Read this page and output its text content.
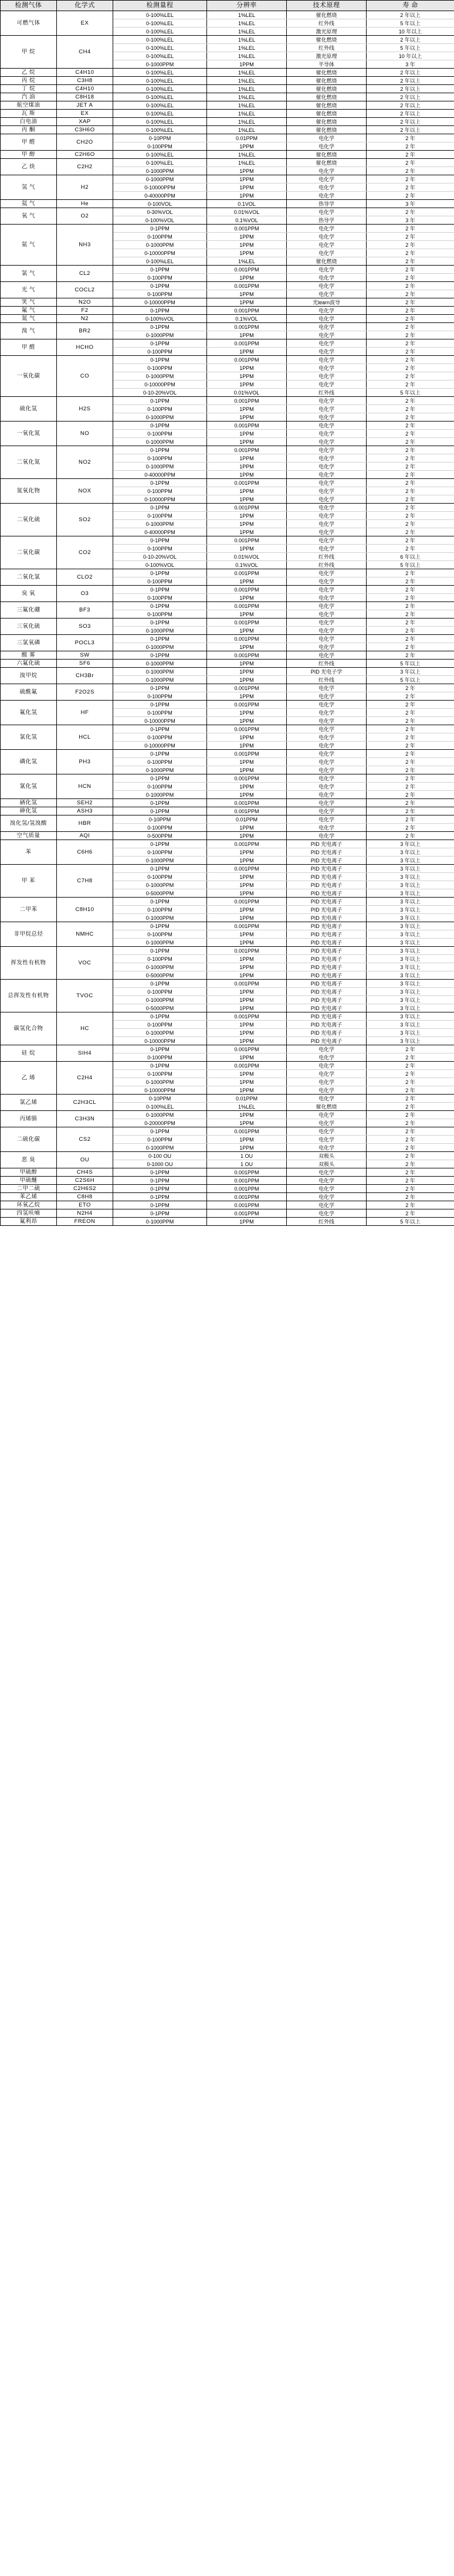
检测气体	化学式	检测量程	分辨率	技术原理	寿 命
可燃气体	EX	0-100%LEL	1%LEL	催化燃烧	2 年以上
		0-100%LEL	1%LEL	红外线	5 年以上
		0-100%LEL	1%LEL	激光原理	10 年以上
甲 烷	CH4	0-100%LEL	1%LEL	催化燃烧	2 年以上
		0-100%LEL	1%LEL	红外线	5 年以上
		0-100%LEL	1%LEL	激光原理	10 年以上
		0-1000PPM	1PPM	半导体	3 年
乙 烷	C4H10	0-100%LEL	1%LEL	催化燃烧	2 年以上
丙 烷	C3H8	0-100%LEL	1%LEL	催化燃烧	2 年以上
丁 烷	C4H10	0-100%LEL	1%LEL	催化燃烧	2 年以上
汽 油	C8H18	0-100%LEL	1%LEL	催化燃烧	2 年以上
航空煤油	JET A	0-100%LEL	1%LEL	催化燃烧	2 年以上
瓦 斯	EX	0-100%LEL	1%LEL	催化燃烧	2 年以上
白电油	XAP	0-100%LEL	1%LEL	催化燃烧	2 年以上
丙 酮	C3H6O	0-100%LEL	1%LEL	催化燃烧	2 年以上
甲 醛	CH2O	0-10PPM	0.01PPM	电化学	2 年
		0-100PPM	1PPM	电化学	2 年
甲 醇	C2H6O	0-100%LEL	1%LEL	催化燃烧	2 年
乙 炔	C2H2	0-100%LEL	1%LEL	催化燃烧	2 年
		0-1000PPM	1PPM	电化学	2 年
氢 气	H2	0-1000PPM	1PPM	电化学	2 年
		0-10000PPM	1PPM	电化学	2 年
		0-40000PPM	1PPM	电化学	2 年
氦 气	He	0-100VOL	0.1VOL	热导学	3 年
氧 气	O2	0-30%VOL	0.01%VOL	电化学	2 年
		0-100%VOL	0.1%VOL	热导学	3 年
氨 气	NH3	0-1PPM	0.001PPM	电化学	2 年
		0-100PPM	1PPM	电化学	2 年
		0-1000PPM	1PPM	电化学	2 年
		0-10000PPM	1PPM	电化学	2 年
		0-100%LEL	1%LEL	催化燃烧	2 年
氯 气	CL2	0-1PPM	0.001PPM	电化学	2 年
		0-100PPM	1PPM	电化学	2 年
光 气	COCL2	0-1PPM	0.001PPM	电化学	2 年
		0-100PPM	1PPM	电化学	2 年
笑 气	N2O	0-10000PPM	1PPM	光learn波导	2 年
氟 气	F2	0-1PPM	0.001PPM	电化学	2 年
氮 气	N2	0-100%VOL	0.1%VOL	电化学	2 年
溴 气	BR2	0-1PPM	0.001PPM	电化学	2 年
		0-1000PPM	1PPM	电化学	2 年
甲 醛	HCHO	0-1PPM	0.001PPM	电化学	2 年
		0-100PPM	1PPM	电化学	2 年
一氧化碳	CO	0-1PPM	0.001PPM	电化学	2 年
		0-100PPM	1PPM	电化学	2 年
		0-1000PPM	1PPM	电化学	2 年
		0-10000PPM	1PPM	电化学	2 年
		0-10-20%VOL	0.01%VOL	红外线	5 年以上
硫化氢	H2S	0-1PPM	0.001PPM	电化学	2 年
		0-100PPM	1PPM	电化学	2 年
		0-1000PPM	1PPM	电化学	2 年
一氧化氮	NO	0-1PPM	0.001PPM	电化学	2 年
		0-100PPM	1PPM	电化学	2 年
		0-1000PPM	1PPM	电化学	2 年
二氧化氮	NO2	0-1PPM	0.001PPM	电化学	2 年
		0-100PPM	1PPM	电化学	2 年
		0-1000PPM	1PPM	电化学	2 年
		0-40000PPM	1PPM	电化学	2 年
氮氧化物	NOX	0-1PPM	0.001PPM	电化学	2 年
		0-100PPM	1PPM	电化学	2 年
		0-10000PPM	1PPM	电化学	2 年
二氧化硫	SO2	0-1PPM	0.001PPM	电化学	2 年
		0-100PPM	1PPM	电化学	2 年
		0-1000PPM	1PPM	电化学	2 年
		0-40000PPM	1PPM	电化学	2 年
二氧化碳	CO2	0-1PPM	0.001PPM	电化学	2 年
		0-100PPM	1PPM	电化学	2 年
		0-10-20%VOL	0.01%VOL	红外线	6 年以上
		0-100%VOL	0.1%VOL	红外线	5 年以上
二氧化氯	CLO2	0-1PPM	0.001PPM	电化学	2 年
		0-100PPM	1PPM	电化学	2 年
臭 氧	O3	0-1PPM	0.001PPM	电化学	2 年
		0-100PPM	1PPM	电化学	2 年
三氟化硼	BF3	0-1PPM	0.001PPM	电化学	2 年
		0-100PPM	1PPM	电化学	2 年
三氧化硫	SO3	0-1PPM	0.001PPM	电化学	2 年
		0-1000PPM	1PPM	电化学	2 年
三氯氧磷	POCL3	0-1PPM	0.001PPM	电化学	2 年
		0-1000PPM	1PPM	电化学	2 年
酸 雾	SW	0-1PPM	0.001PPM	电化学	2 年
六氟化硫	SF6	0-1000PPM	1PPM	红外线	5 年以上
溴甲烷	CH3Br	0-1000PPM	1PPM	PID 光电子学	3 年以上
		0-1000PPM	1PPM	红外线	5 年以上
硫酰氟	F2O2S	0-1PPM	0.001PPM	电化学	2 年
		0-100PPM	1PPM	电化学	2 年
氟化氢	HF	0-1PPM	0.001PPM	电化学	2 年
		0-100PPM	1PPM	电化学	2 年
		0-10000PPM	1PPM	电化学	2 年
氯化氢	HCL	0-1PPM	0.001PPM	电化学	2 年
		0-100PPM	1PPM	电化学	2 年
		0-10000PPM	1PPM	电化学	2 年
磷化氢	PH3	0-1PPM	0.001PPM	电化学	2 年
		0-100PPM	1PPM	电化学	2 年
		0-1000PPM	1PPM	电化学	2 年
氰化氢	HCN	0-1PPM	0.001PPM	电化学	2 年
		0-100PPM	1PPM	电化学	2 年
		0-1000PPM	1PPM	电化学	2 年
硒化氢	SEH2	0-1PPM	0.001PPM	电化学	2 年
砷化氢	ASH3	0-1PPM	0.001PPM	电化学	2 年
溴化氢/氢溴酸	HBR	0-10PPM	0.01PPM	电化学	2 年
		0-100PPM	1PPM	电化学	2 年
空气质量	AQI	0-500PPM	1PPM	电化学	2 年
苯	C6H6	0-1PPM	0.001PPM	PID 光电离子	3 年以上
		0-100PPM	1PPM	PID 光电离子	3 年以上
		0-1000PPM	1PPM	PID 光电离子	3 年以上
甲 苯	C7H8	0-1PPM	0.001PPM	PID 光电离子	3 年以上
		0-100PPM	1PPM	PID 光电离子	3 年以上
		0-1000PPM	1PPM	PID 光电离子	3 年以上
		0-5000PPM	1PPM	PID 光电离子	3 年以上
二甲苯	C8H10	0-1PPM	0.001PPM	PID 光电离子	3 年以上
		0-100PPM	1PPM	PID 光电离子	3 年以上
		0-1000PPM	1PPM	PID 光电离子	3 年以上
非甲烷总烃	NMHC	0-1PPM	0.001PPM	PID 光电离子	3 年以上
		0-100PPM	1PPM	PID 光电离子	3 年以上
		0-1000PPM	1PPM	PID 光电离子	3 年以上
挥发性有机物	VOC	0-1PPM	0.001PPM	PID 光电离子	3 年以上
		0-100PPM	1PPM	PID 光电离子	3 年以上
		0-1000PPM	1PPM	PID 光电离子	3 年以上
		0-5000PPM	1PPM	PID 光电离子	3 年以上
总挥发性有机物	TVOC	0-1PPM	0.001PPM	PID 光电离子	3 年以上
		0-100PPM	1PPM	PID 光电离子	3 年以上
		0-1000PPM	1PPM	PID 光电离子	3 年以上
		0-5000PPM	1PPM	PID 光电离子	3 年以上
碳氢化合物	HC	0-1PPM	0.001PPM	PID 光电离子	3 年以上
		0-100PPM	1PPM	PID 光电离子	3 年以上
		0-1000PPM	1PPM	PID 光电离子	3 年以上
		0-10000PPM	1PPM	PID 光电离子	3 年以上
硅 烷	SIH4	0-1PPM	0.001PPM	电化学	2 年
		0-100PPM	1PPM	电化学	2 年
乙 烯	C2H4	0-1PPM	0.001PPM	电化学	2 年
		0-100PPM	1PPM	电化学	2 年
		0-1000PPM	1PPM	电化学	2 年
		0-10000PPM	1PPM	电化学	2 年
氯乙烯	C2H3CL	0-10PPM	0.01PPM	电化学	2 年
		0-100%LEL	1%LEL	催化燃烧	2 年
丙烯腈	C3H3N	0-1000PPM	1PPM	电化学	2 年
		0-20000PPM	1PPM	电化学	2 年
二硫化碳	CS2	0-1PPM	0.001PPM	电化学	2 年
		0-100PPM	1PPM	电化学	2 年
		0-1000PPM	1PPM	电化学	2 年
恶 臭	OU	0-100 OU	1 OU	双极头	2 年
		0-1000 OU	1 OU	双极头	2 年
甲硫醇	CH4S	0-1PPM	0.001PPM	电化学	2 年
甲硫醚	C2S6H	0-1PPM	0.001PPM	电化学	2 年
二甲二硫	C2H6S2	0-1PPM	0.001PPM	电化学	2 年
苯乙烯	C8H8	0-1PPM	0.001PPM	电化学	2 年
环氧乙烷	ETO	0-1PPM	0.001PPM	电化学	2 年
四氢呋喃	N2H4	0-1PPM	0.001PPM	电化学	2 年
氟利昂	FREON	0-1000PPM	1PPM	红外线	5 年以上
